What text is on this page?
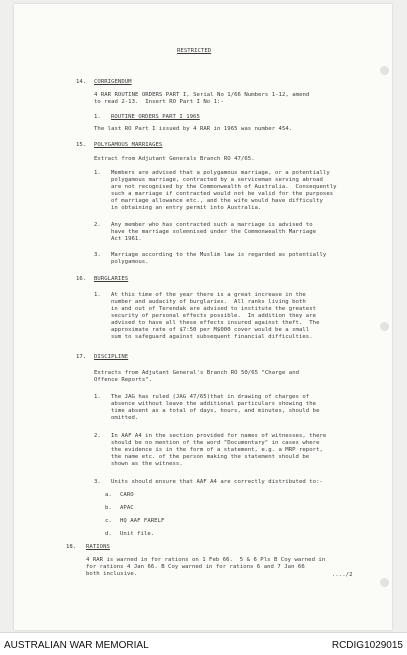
RESTRICTED
14. CORRIGENDUM
4 RAR ROUTINE ORDERS PART I, Serial No 1/66 Numbers 1-12, amend
to read 2-13.  Insert RO Part I No 1:-
1. ROUTINE ORDERS PART I 1965
The last RO Part I issued by 4 RAR in 1965 was number 454.
15. POLYGAMOUS MARRIAGES
Extract from Adjutant Generals Branch RO 47/65.
1. Members are advised that a polygamous marriage, or a potentially
polygamous marriage, contracted by a serviceman serving abroad
are not recognised by the Commonwealth of Australia.  Consequently
such a marriage if contracted would not be valid for the purposes
of marriage allowance etc., and the wife would have difficulty
in obtaining an entry permit into Australia.
2. Any member who has contracted such a marriage is advised to
have the marriage solemnised under the Commonwealth Marriage
Act 1961.
3. Marriage according to the Muslim law is regarded as potentially
polygamous.
16. BURGLARIES
1. At this time of the year there is a great increase in the
number and audacity of burglaries.  All ranks living both
in and out of Terendak are advised to institute the greatest
security of personal effects possible.  In addition they are
advised to have all these effects insured against theft.  The
approximate rate of $7:50 per M$000 cover would be a small
sum to safeguard against subsequent financial difficulties.
17. DISCIPLINE
Extracts from Adjutant General's Branch RO 50/65 "Charge and
Offence Reports".
1. The JAG has ruled (JAG 47/65)that in drawing of charges of
absence without leave the additional particulars showing the
time absent as a total of days, hours, and minutes, should be
omitted.
2. In AAF A4 in the section provided for names of witnesses, there
should be no mention of the word "Documentary" in cases where
the evidence is in the form of a statement, e.g. a MRP report,
the name etc. of the person making the statement should be
shown as the witness.
3. Units should ensure that AAF A4 are correctly distributed to:-
a. CARO
b. APAC
c. HQ AAF FARELF
d. Unit file.
18. RATIONS
4 RAR is warned in for rations on 1 Feb 66.  5 & 6 Pls B Coy warned in
for rations 4 Jan 66. B Coy warned in for rations 6 and 7 Jan 66
both inclusive.	..../2
AUSTRALIAN WAR MEMORIAL	RCDIG1029015
